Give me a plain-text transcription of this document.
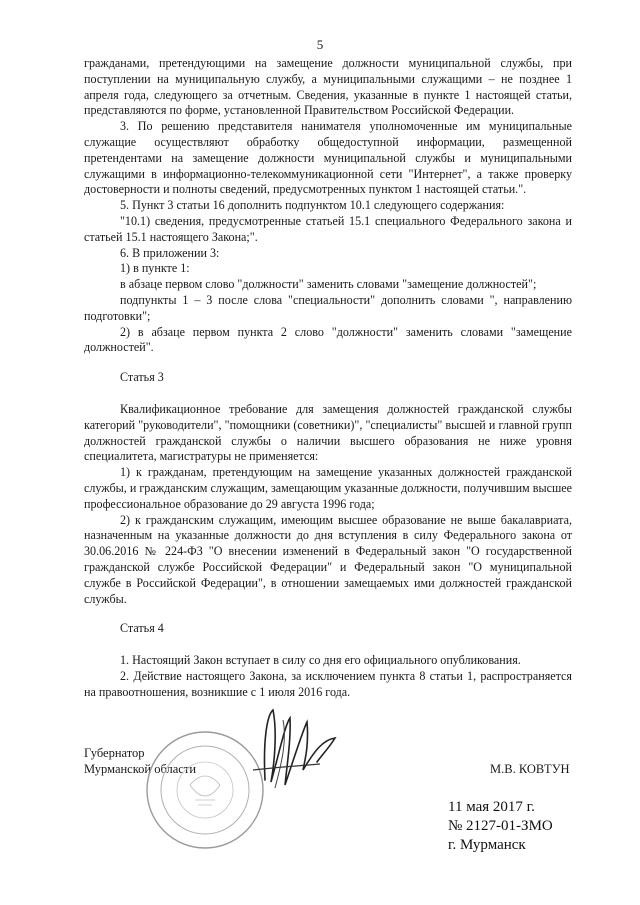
5

гражданами, претендующими на замещение должности муниципальной службы, при поступлении на муниципальную службу, а муниципальными служащими – не позднее 1 апреля года, следующего за отчетным. Сведения, указанные в пункте 1 настоящей статьи, представляются по форме, установленной Правительством Российской Федерации.

3. По решению представителя нанимателя уполномоченные им муниципальные служащие осуществляют обработку общедоступной информации, размещенной претендентами на замещение должности муниципальной службы и муниципальными служащими в информационно-телекоммуникационной сети "Интернет", а также проверку достоверности и полноты сведений, предусмотренных пунктом 1 настоящей статьи.".

5. Пункт 3 статьи 16 дополнить подпунктом 10.1 следующего содержания:

"10.1) сведения, предусмотренные статьей 15.1 специального Федерального закона и статьей 15.1 настоящего Закона;".

6. В приложении 3:

1) в пункте 1:

в абзаце первом слово "должности" заменить словами "замещение должностей";

подпункты 1 – 3 после слова "специальности" дополнить словами ", направлению подготовки";

2) в абзаце первом пункта 2 слово "должности" заменить словами "замещение должностей".

Статья 3

Квалификационное требование для замещения должностей гражданской службы категорий "руководители", "помощники (советники)", "специалисты" высшей и главной групп должностей гражданской службы о наличии высшего образования не ниже уровня специалитета, магистратуры не применяется:

1) к гражданам, претендующим на замещение указанных должностей гражданской службы, и гражданским служащим, замещающим указанные должности, получившим высшее профессиональное образование до 29 августа 1996 года;

2) к гражданским служащим, имеющим высшее образование не выше бакалавриата, назначенным на указанные должности до дня вступления в силу Федерального закона от 30.06.2016 № 224-ФЗ "О внесении изменений в Федеральный закон "О государственной гражданской службе Российской Федерации" и Федеральный закон "О муниципальной службе в Российской Федерации", в отношении замещаемых ими должностей гражданской службы.

Статья 4

1. Настоящий Закон вступает в силу со дня его официального опубликования.

2. Действие настоящего Закона, за исключением пункта 8 статьи 1, распространяется на правоотношения, возникшие с 1 июля 2016 года.

Губернатор
Мурманской области	М.В. КОВТУН
11 мая 2017 г.
№ 2127-01-ЗМО
г. Мурманск
